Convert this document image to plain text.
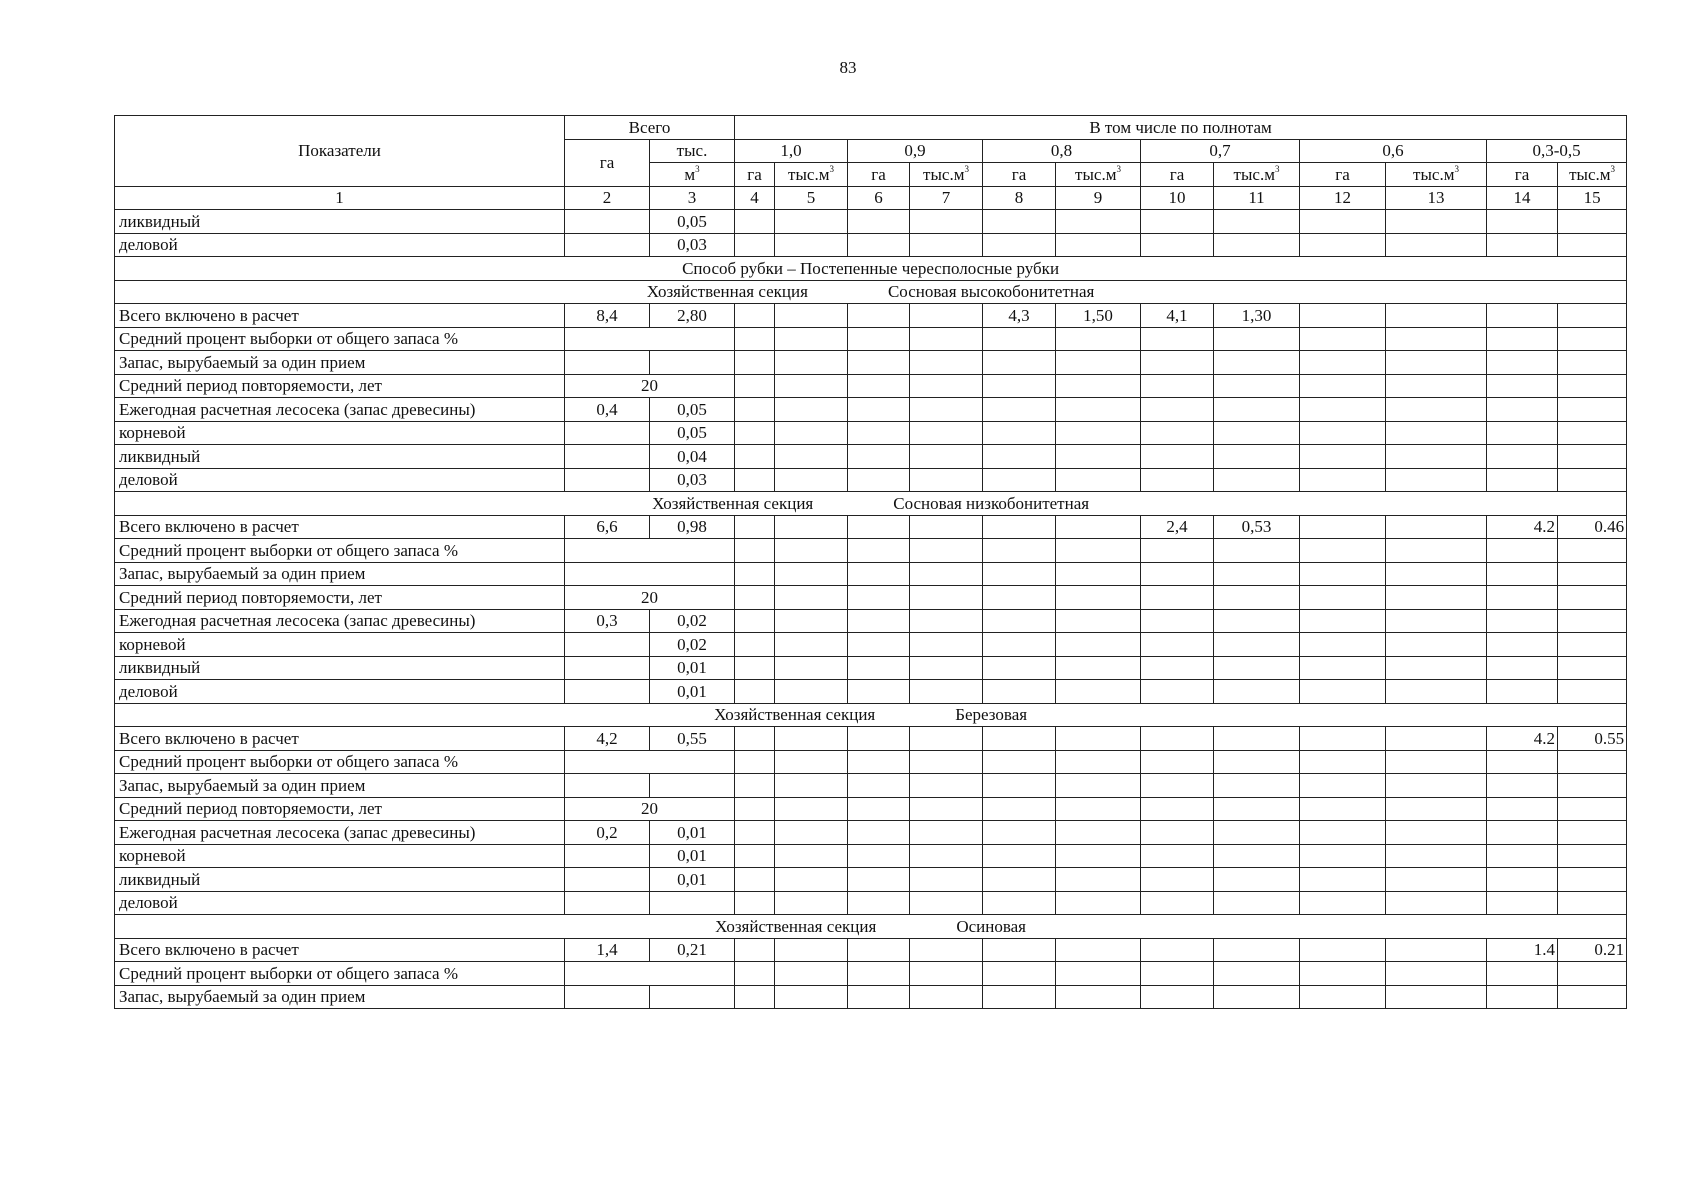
83
Показатели	Всего		В том числе по полнотам											
	га	тыс.	1,0		0,9		0,8		0,7		0,6		0,3-0,5	
		$м^3$	га	$тыс.м^3$	га	$тыс.м^3$	га	$тыс.м^3$	га	$тыс.м^3$	га	$тыс.м^3$	га	$тыс.м^3$
1	2	3	4	5	6	7	8	9	10	11	12	13	14	15
ликвидный		0,05												
деловой		0,03												
Способ рубки – Постепенные чересполосные рубки														
Хозяйственная секция Сосновая высокобонитетная														
Всего включено в расчет	8,4	2,80					4,3	1,50	4,1	1,30				
Средний процент выборки от общего запаса %														
Запас, вырубаемый за один прием														
Средний период повторяемости, лет	20													
Ежегодная расчетная лесосека (запас древесины)	0,4	0,05												
корневой		0,05												
ликвидный		0,04												
деловой		0,03												
Хозяйственная секция Сосновая низкобонитетная														
Всего включено в расчет	6,6	0,98							2,4	0,53			4.2	0.46
Средний процент выборки от общего запаса %														
Запас, вырубаемый за один прием														
Средний период повторяемости, лет	20													
Ежегодная расчетная лесосека (запас древесины)	0,3	0,02												
корневой		0,02												
ликвидный		0,01												
деловой		0,01												
Хозяйственная секция Березовая														
Всего включено в расчет	4,2	0,55											4.2	0.55
Средний процент выборки от общего запаса %														
Запас, вырубаемый за один прием														
Средний период повторяемости, лет	20													
Ежегодная расчетная лесосека (запас древесины)	0,2	0,01												
корневой		0,01												
ликвидный		0,01												
деловой														
Хозяйственная секция Осиновая														
Всего включено в расчет	1,4	0,21											1.4	0.21
Средний процент выборки от общего запаса %														
Запас, вырубаемый за один прием														
